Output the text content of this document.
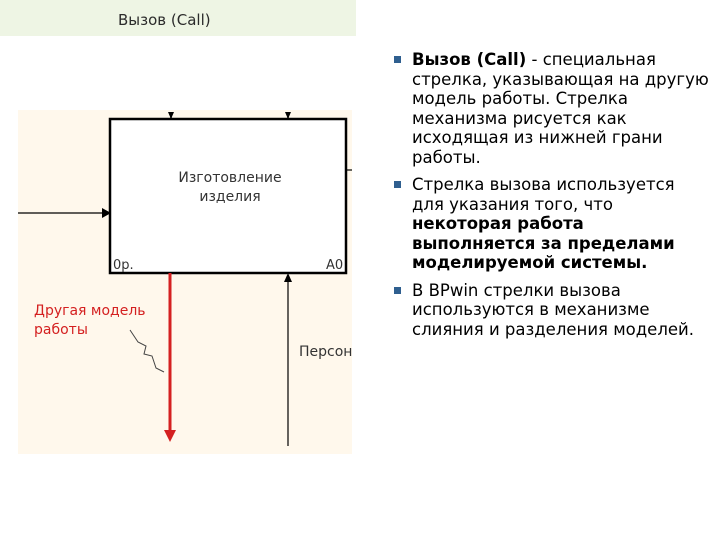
Вызов (Call)
Изготовление
изделия
0р.	А0
Другая модель
работы
Персон
Вызов (Call) - специальная стрелка, указывающая на другую модель работы. Стрелка механизма рисуется как исходящая из нижней грани работы.
Стрелка вызова используется для указания того, что некоторая работа выполняется за пределами моделируемой системы.
В BPwin стрелки вызова используются в механизме слияния и разделения моделей.
